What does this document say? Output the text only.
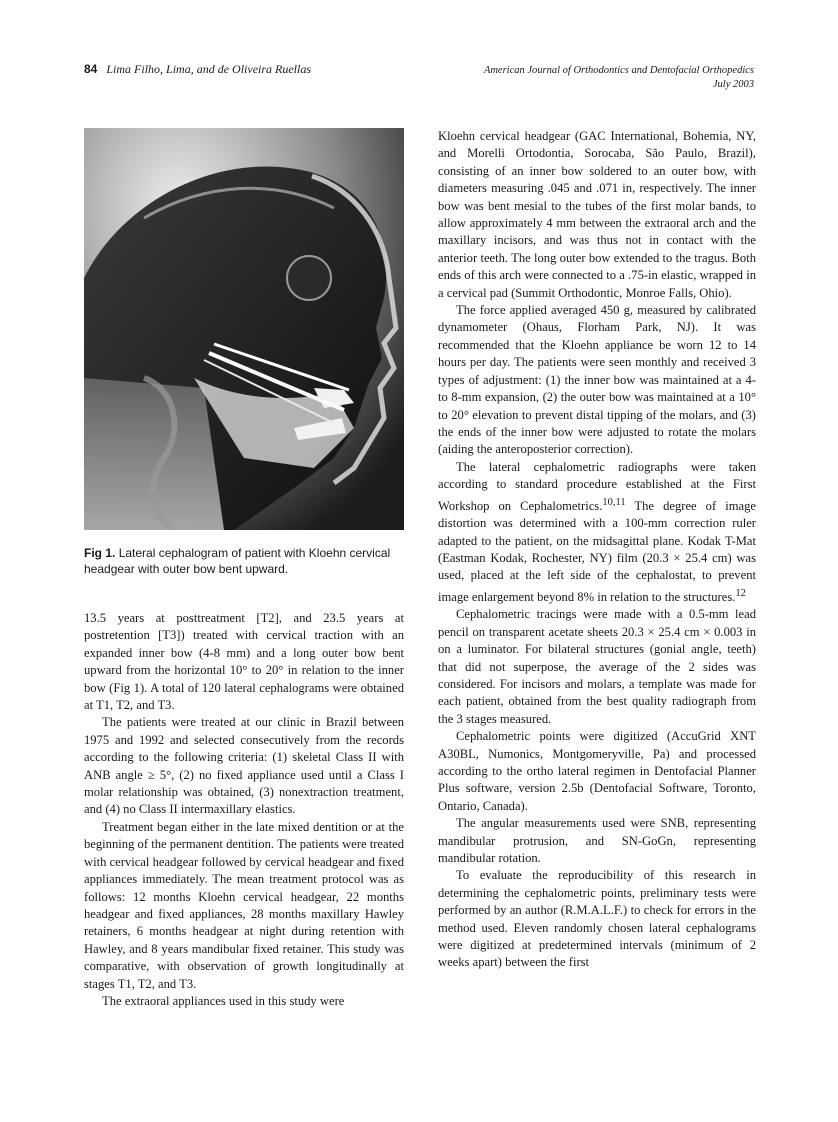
84 Lima Filho, Lima, and de Oliveira Ruellas	American Journal of Orthodontics and Dentofacial Orthopedics
July 2003
Fig 1. Lateral cephalogram of patient with Kloehn cervical headgear with outer bow bent upward.

13.5 years at posttreatment [T2], and 23.5 years at postretention [T3]) treated with cervical traction with an expanded inner bow (4-8 mm) and a long outer bow bent upward from the horizontal 10° to 20° in relation to the inner bow (Fig 1). A total of 120 lateral cephalograms were obtained at T1, T2, and T3.

The patients were treated at our clinic in Brazil between 1975 and 1992 and selected consecutively from the records according to the following criteria: (1) skeletal Class II with ANB angle ≥ 5°, (2) no fixed appliance used until a Class I molar relationship was obtained, (3) nonextraction treatment, and (4) no Class II intermaxillary elastics.

Treatment began either in the late mixed dentition or at the beginning of the permanent dentition. The patients were treated with cervical headgear followed by cervical headgear and fixed appliances immediately. The mean treatment protocol was as follows: 12 months Kloehn cervical headgear, 22 months headgear and fixed appliances, 28 months maxillary Hawley retainers, 6 months headgear at night during retention with Hawley, and 8 years mandibular fixed retainer. This study was comparative, with observation of growth longitudinally at stages T1, T2, and T3.

The extraoral appliances used in this study were

Kloehn cervical headgear (GAC International, Bohemia, NY, and Morelli Ortodontia, Sorocaba, São Paulo, Brazil), consisting of an inner bow soldered to an outer bow, with diameters measuring .045 and .071 in, respectively. The inner bow was bent mesial to the tubes of the first molar bands, to allow approximately 4 mm between the extraoral arch and the maxillary incisors, and was thus not in contact with the anterior teeth. The long outer bow extended to the tragus. Both ends of this arch were connected to a .75-in elastic, wrapped in a cervical pad (Summit Orthodontic, Monroe Falls, Ohio).

The force applied averaged 450 g, measured by calibrated dynamometer (Ohaus, Florham Park, NJ). It was recommended that the Kloehn appliance be worn 12 to 14 hours per day. The patients were seen monthly and received 3 types of adjustment: (1) the inner bow was maintained at a 4- to 8-mm expansion, (2) the outer bow was maintained at a 10° to 20° elevation to prevent distal tipping of the molars, and (3) the ends of the inner bow were adjusted to rotate the molars (aiding the anteroposterior correction).

The lateral cephalometric radiographs were taken according to standard procedure established at the First Workshop on Cephalometrics.$^{10,11}$ The degree of image distortion was determined with a 100-mm correction ruler adapted to the patient, on the midsagittal plane. Kodak T-Mat (Eastman Kodak, Rochester, NY) film (20.3 × 25.4 cm) was used, placed at the left side of the cephalostat, to prevent image enlargement beyond 8% in relation to the structures.$^{12}$

Cephalometric tracings were made with a 0.5-mm lead pencil on transparent acetate sheets 20.3 × 25.4 cm × 0.003 in on a luminator. For bilateral structures (gonial angle, teeth) that did not superpose, the average of the 2 sides was considered. For incisors and molars, a template was made for each patient, obtained from the best quality radiograph from the 3 stages measured.

Cephalometric points were digitized (AccuGrid XNT A30BL, Numonics, Montgomeryville, Pa) and processed according to the ortho lateral regimen in Dentofacial Planner Plus software, version 2.5b (Dentofacial Software, Toronto, Ontario, Canada).

The angular measurements used were SNB, representing mandibular protrusion, and SN-GoGn, representing mandibular rotation.

To evaluate the reproducibility of this research in determining the cephalometric points, preliminary tests were performed by an author (R.M.A.L.F.) to check for errors in the method used. Eleven randomly chosen lateral cephalograms were digitized at predetermined intervals (minimum of 2 weeks apart) between the first
